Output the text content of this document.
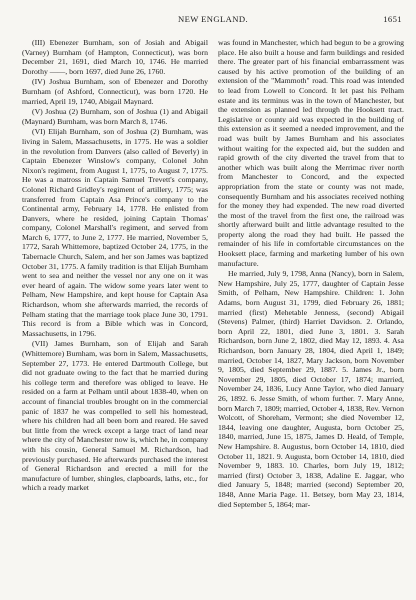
NEW ENGLAND.	1651

(III) Ebenezer Burnham, son of Josiah and Abigail (Varney) Burnham (of Hampton, Connecticut), was born December 21, 1691, died March 10, 1746. He married Dorothy ——, born 1697, died June 26, 1760.

(IV) Joshua Burnham, son of Ebenezer and Dorothy Burnham (of Ashford, Connecticut), was born 1720. He married, April 19, 1740, Abigail Maynard.

(V) Joshua (2) Burnham, son of Joshua (1) and Abigail (Maynard) Burnham, was born March 8, 1746.

(VI) Elijah Burnham, son of Joshua (2) Burnham, was living in Salem, Massachusetts, in 1775. He was a soldier in the revolution from Danvers (also called of Beverly) in Captain Ebenezer Winslow's company, Colonel John Nixon's regiment, from August 1, 1775, to August 7, 1775. He was a matross in Captain Samuel Trevett's company, Colonel Richard Gridley's regiment of artillery, 1775; was transferred from Captain Asa Prince's company to the Continental army, February 14, 1778. He enlisted from Danvers, where he resided, joining Captain Thomas' company, Colonel Marshall's regiment, and served from March 6, 1777, to June 2, 1777. He married, November 5, 1772, Sarah Whittemore, baptized October 24, 1775, in the Tabernacle Church, Salem, and her son James was baptized October 31, 1775. A family tradition is that Elijah Burnham went to sea and neither the vessel nor any one on it was ever heard of again. The widow some years later went to Pelham, New Hampshire, and kept house for Captain Asa Richardson, whom she afterwards married, the records of Pelham stating that the marriage took place June 30, 1791. This record is from a Bible which was in Concord, Massachusetts, in 1796.

(VII) James Burnham, son of Elijah and Sarah (Whittemore) Burnham, was born in Salem, Massachusetts, September 27, 1773. He entered Dartmouth College, but did not graduate owing to the fact that he married during his college term and therefore was obliged to leave. He resided on a farm at Pelham until about 1838-40, when on account of financial troubles brought on in the commercial panic of 1837 he was compelled to sell his homestead, where his children had all been born and reared. He saved but little from the wreck except a large tract of land near where the city of Manchester now is, which he, in company with his cousin, General Samuel M. Richardson, had previously purchased. He afterwards purchased the interest of General Richardson and erected a mill for the manufacture of lumber, shingles, clapboards, laths, etc., for which a ready market

was found in Manchester, which had begun to be a growing place. He also built a house and farm buildings and resided there. The greater part of his financial embarrassment was caused by his active promotion of the building of an extension of the "Mammoth" road. This road was intended to lead from Lowell to Concord. It let past his Pelham estate and its terminus was in the town of Manchester, but the extension as planned led through the Hooksett tract. Legislative or county aid was expected in the building of this extension as it seemed a needed improvement, and the road was built by James Burnham and his associates without waiting for the expected aid, but the sudden and rapid growth of the city diverted the travel from that to another which was built along the Merrimac river north from Manchester to Concord, and the expected appropriation from the state or county was not made, consequently Burnham and his associates received nothing for the money they had expended. The new road diverted the most of the travel from the first one, the railroad was shortly afterward built and little advantage resulted to the property along the road they had built. He passed the remainder of his life in comfortable circumstances on the Hooksett place, farming and marketing lumber of his own manufacture.

He married, July 9, 1798, Anna (Nancy), born in Salem, New Hampshire, July 25, 1777, daughter of Captain Jesse Smith, of Pelham, New Hampshire. Children: 1. John Adams, born August 31, 1799, died February 26, 1881; married (first) Mehetable Jenness, (second) Abigail (Stevens) Palmer, (third) Harriet Davidson. 2. Orlando, born April 22, 1801, died June 3, 1801. 3. Sarah Richardson, born June 2, 1802, died May 12, 1893. 4. Asa Richardson, born January 28, 1804, died April 1, 1849; married, October 14, 1827, Mary Jackson, born November 9, 1805, died September 29, 1887. 5. James Jr., born November 29, 1805, died October 17, 1874; married, November 24, 1836, Lucy Anne Taylor, who died January 26, 1892. 6. Jesse Smith, of whom further. 7. Mary Anne, born March 7, 1809; married, October 4, 1838, Rev. Vernon Wolcott, of Shoreham, Vermont; she died November 12, 1844, leaving one daughter, Augusta, born October 25, 1840, married, June 15, 1875, James D. Heald, of Temple, New Hampshire. 8. Augustus, born October 14, 1810, died October 11, 1821. 9. Augusta, born October 14, 1810, died November 9, 1883. 10. Charles, born July 19, 1812; married (first) October 3, 1838, Adaline E. Jaggar, who died January 5, 1848; married (second) September 20, 1848, Anne Maria Page. 11. Betsey, born May 23, 1814, died September 5, 1864; mar-
